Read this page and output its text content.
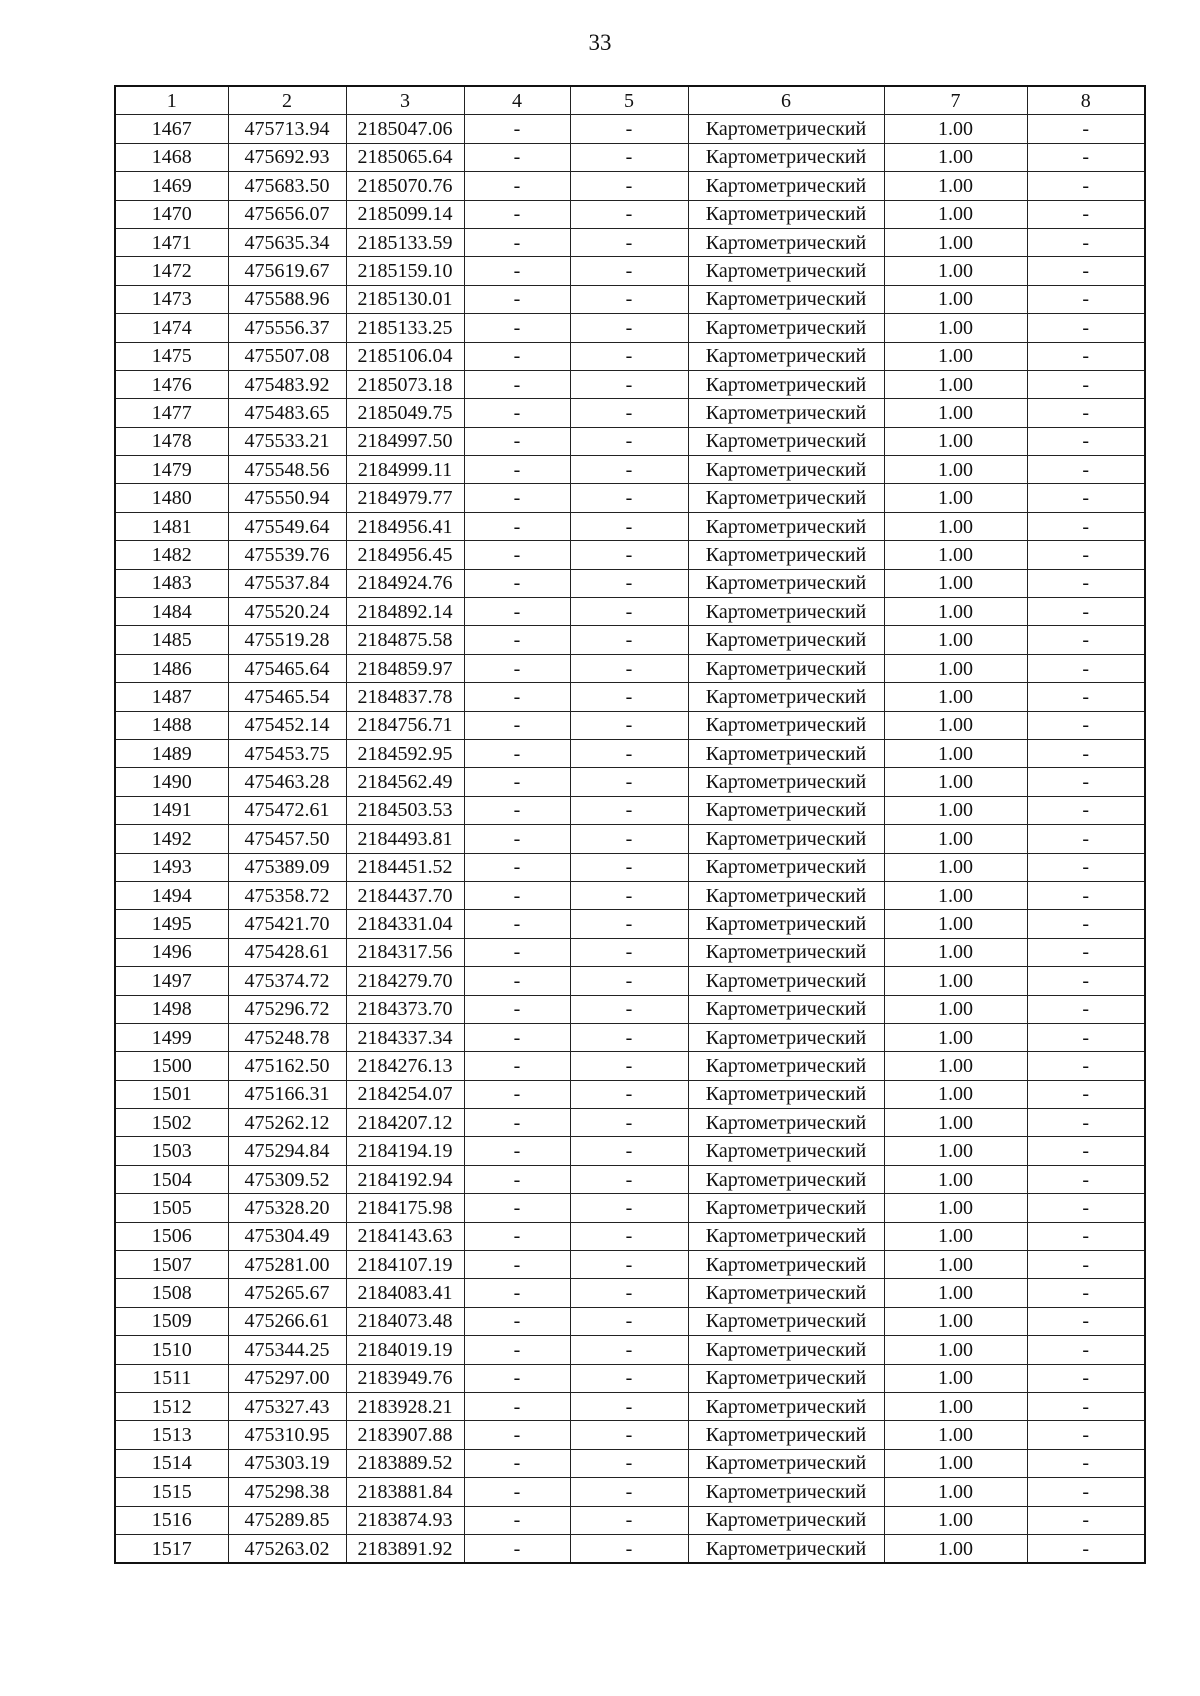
33
1	2	3	4	5	6	7	8
1467	475713.94	2185047.06	-	-	Картометрический	1.00	-
1468	475692.93	2185065.64	-	-	Картометрический	1.00	-
1469	475683.50	2185070.76	-	-	Картометрический	1.00	-
1470	475656.07	2185099.14	-	-	Картометрический	1.00	-
1471	475635.34	2185133.59	-	-	Картометрический	1.00	-
1472	475619.67	2185159.10	-	-	Картометрический	1.00	-
1473	475588.96	2185130.01	-	-	Картометрический	1.00	-
1474	475556.37	2185133.25	-	-	Картометрический	1.00	-
1475	475507.08	2185106.04	-	-	Картометрический	1.00	-
1476	475483.92	2185073.18	-	-	Картометрический	1.00	-
1477	475483.65	2185049.75	-	-	Картометрический	1.00	-
1478	475533.21	2184997.50	-	-	Картометрический	1.00	-
1479	475548.56	2184999.11	-	-	Картометрический	1.00	-
1480	475550.94	2184979.77	-	-	Картометрический	1.00	-
1481	475549.64	2184956.41	-	-	Картометрический	1.00	-
1482	475539.76	2184956.45	-	-	Картометрический	1.00	-
1483	475537.84	2184924.76	-	-	Картометрический	1.00	-
1484	475520.24	2184892.14	-	-	Картометрический	1.00	-
1485	475519.28	2184875.58	-	-	Картометрический	1.00	-
1486	475465.64	2184859.97	-	-	Картометрический	1.00	-
1487	475465.54	2184837.78	-	-	Картометрический	1.00	-
1488	475452.14	2184756.71	-	-	Картометрический	1.00	-
1489	475453.75	2184592.95	-	-	Картометрический	1.00	-
1490	475463.28	2184562.49	-	-	Картометрический	1.00	-
1491	475472.61	2184503.53	-	-	Картометрический	1.00	-
1492	475457.50	2184493.81	-	-	Картометрический	1.00	-
1493	475389.09	2184451.52	-	-	Картометрический	1.00	-
1494	475358.72	2184437.70	-	-	Картометрический	1.00	-
1495	475421.70	2184331.04	-	-	Картометрический	1.00	-
1496	475428.61	2184317.56	-	-	Картометрический	1.00	-
1497	475374.72	2184279.70	-	-	Картометрический	1.00	-
1498	475296.72	2184373.70	-	-	Картометрический	1.00	-
1499	475248.78	2184337.34	-	-	Картометрический	1.00	-
1500	475162.50	2184276.13	-	-	Картометрический	1.00	-
1501	475166.31	2184254.07	-	-	Картометрический	1.00	-
1502	475262.12	2184207.12	-	-	Картометрический	1.00	-
1503	475294.84	2184194.19	-	-	Картометрический	1.00	-
1504	475309.52	2184192.94	-	-	Картометрический	1.00	-
1505	475328.20	2184175.98	-	-	Картометрический	1.00	-
1506	475304.49	2184143.63	-	-	Картометрический	1.00	-
1507	475281.00	2184107.19	-	-	Картометрический	1.00	-
1508	475265.67	2184083.41	-	-	Картометрический	1.00	-
1509	475266.61	2184073.48	-	-	Картометрический	1.00	-
1510	475344.25	2184019.19	-	-	Картометрический	1.00	-
1511	475297.00	2183949.76	-	-	Картометрический	1.00	-
1512	475327.43	2183928.21	-	-	Картометрический	1.00	-
1513	475310.95	2183907.88	-	-	Картометрический	1.00	-
1514	475303.19	2183889.52	-	-	Картометрический	1.00	-
1515	475298.38	2183881.84	-	-	Картометрический	1.00	-
1516	475289.85	2183874.93	-	-	Картометрический	1.00	-
1517	475263.02	2183891.92	-	-	Картометрический	1.00	-
